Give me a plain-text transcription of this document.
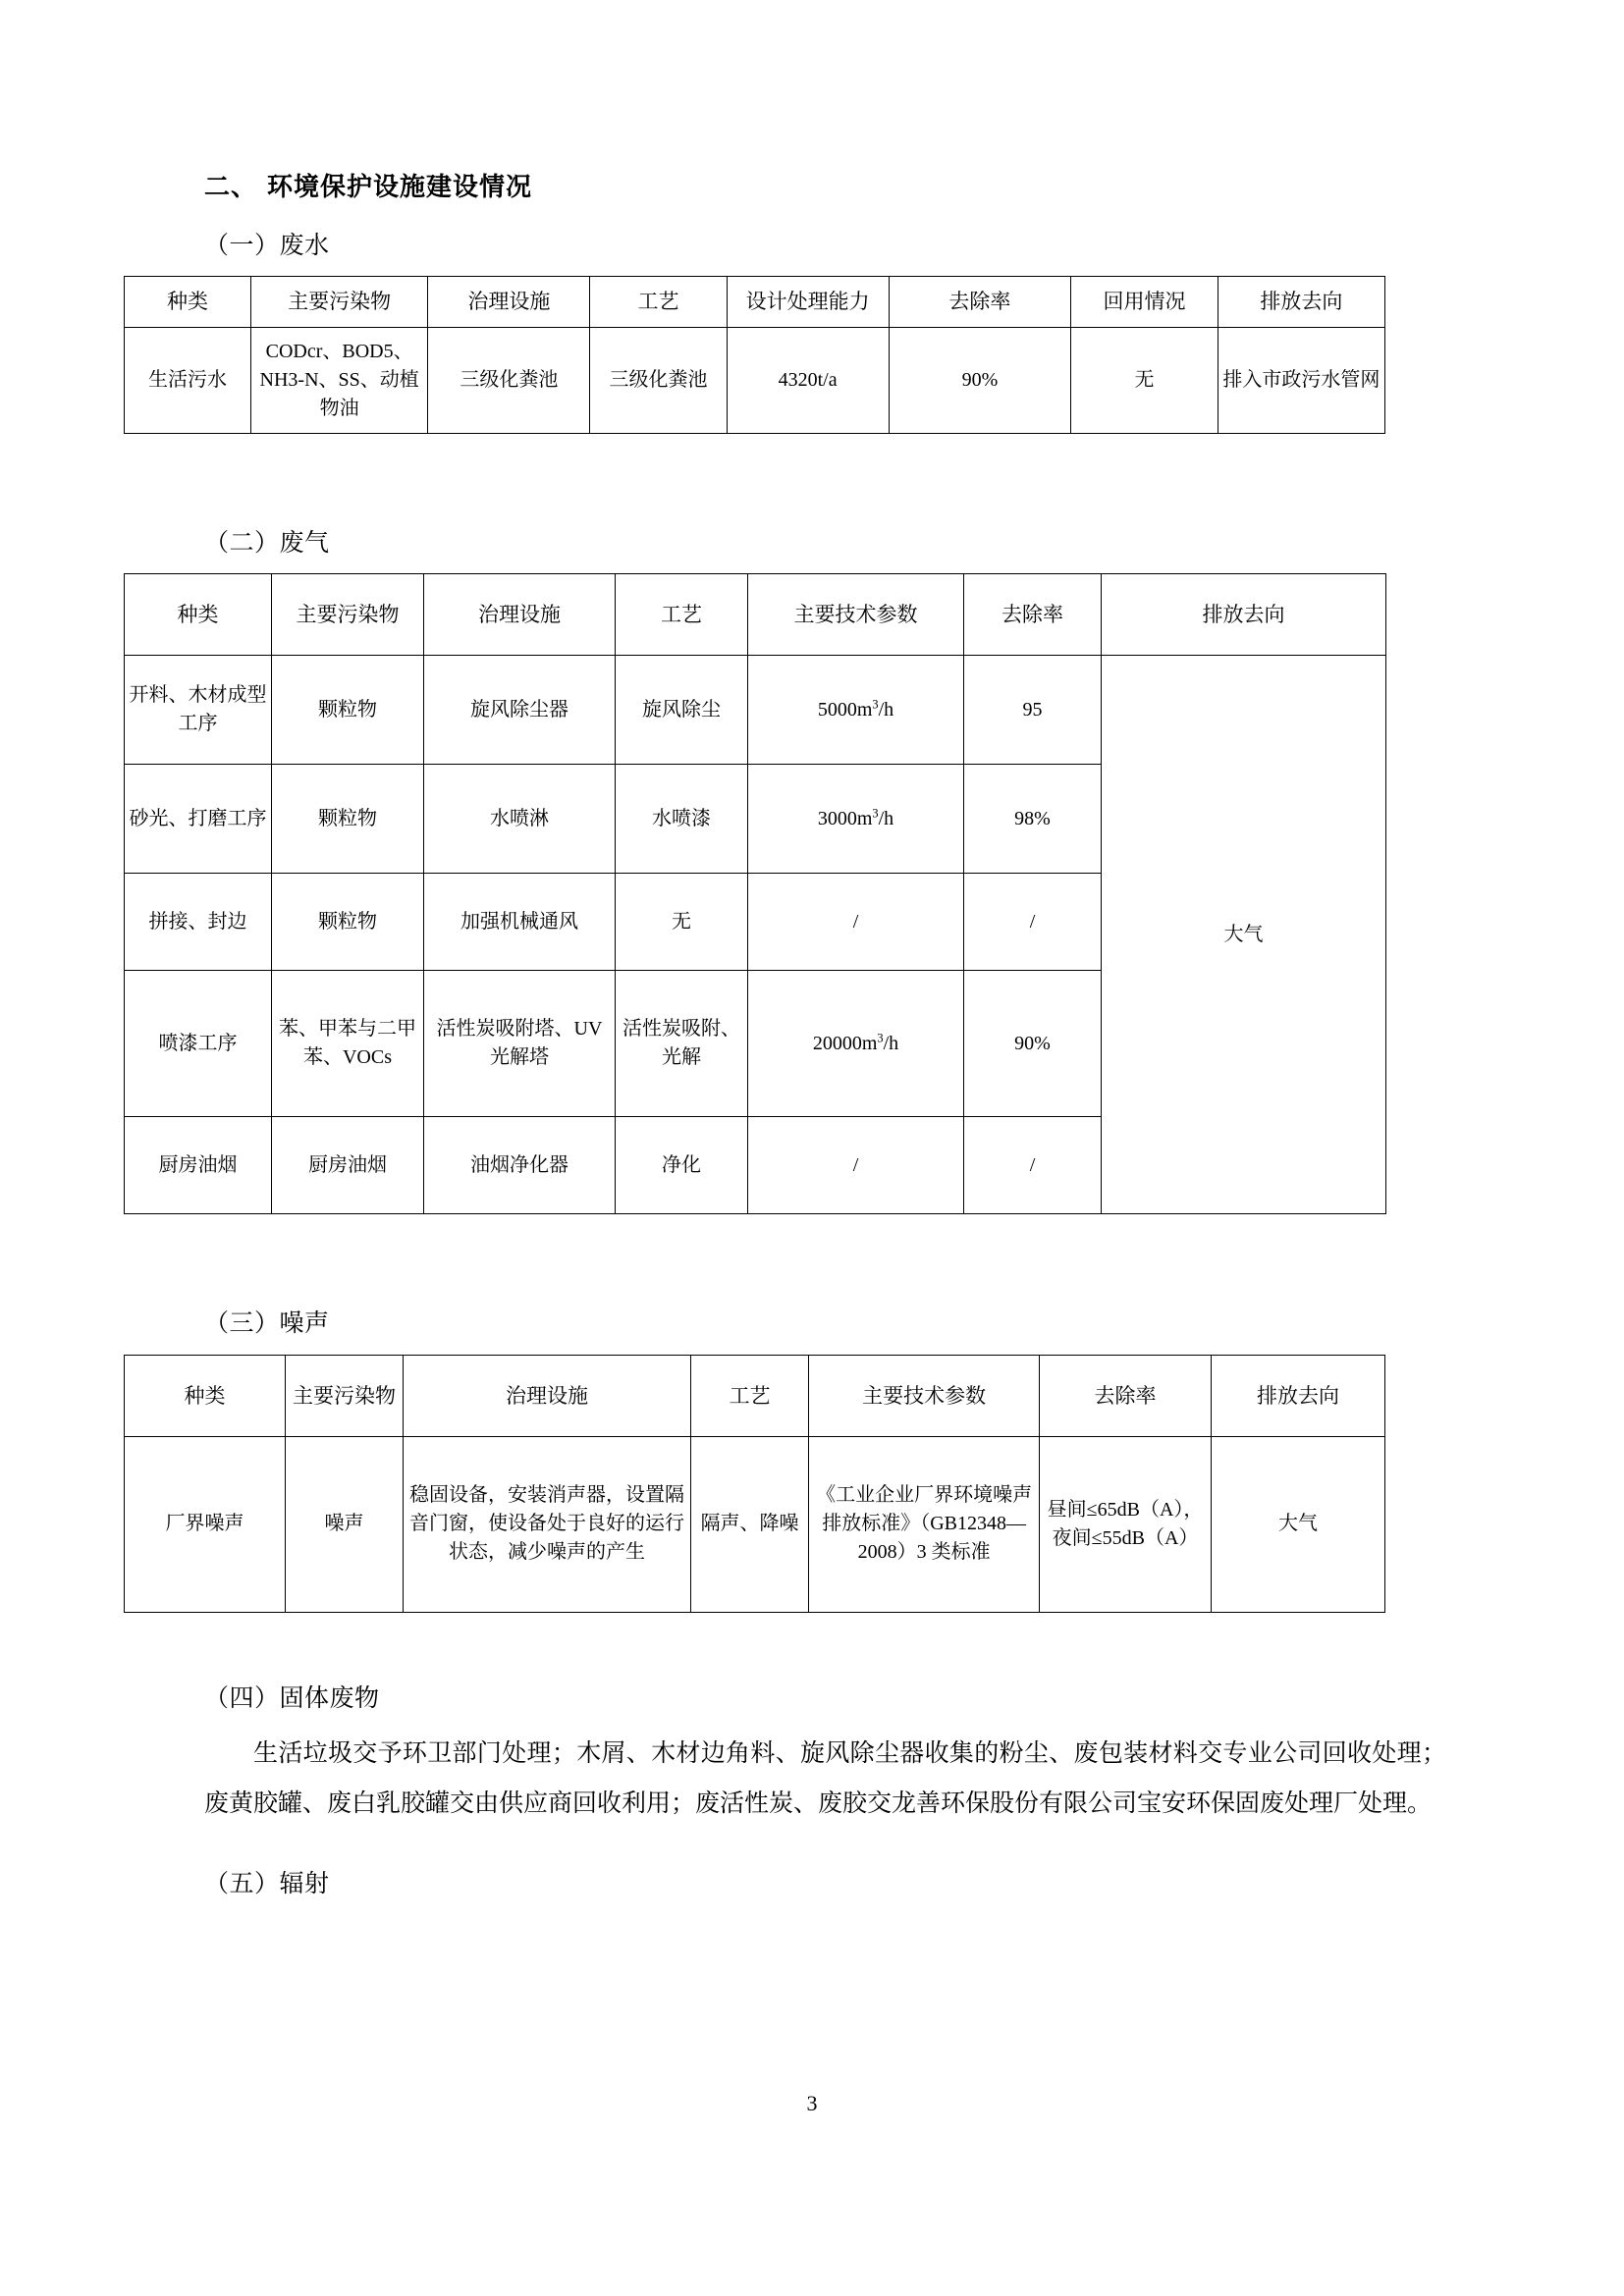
二、 环境保护设施建设情况
（一）废水
种类	主要污染物	治理设施	工艺	设计处理能力	去除率	回用情况	排放去向
生活污水	CODcr、BOD5、NH3-N、SS、动植物油	三级化粪池	三级化粪池	4320t/a	90%	无	排入市政污水管网
（二）废气
种类	主要污染物	治理设施	工艺	主要技术参数	去除率	排放去向
开料、木材成型工序	颗粒物	旋风除尘器	旋风除尘	$5000m^3/h$	95	大气
砂光、打磨工序	颗粒物	水喷淋	水喷漆	$3000m^3/h$	98%	
拼接、封边	颗粒物	加强机械通风	无	/	/	
喷漆工序	苯、甲苯与二甲苯、VOCs	活性炭吸附塔、UV 光解塔	活性炭吸附、光解	$20000m^3/h$	90%	
厨房油烟	厨房油烟	油烟净化器	净化	/	/	
（三）噪声
种类	主要污染物	治理设施	工艺	主要技术参数	去除率	排放去向
厂界噪声	噪声	稳固设备，安装消声器，设置隔音门窗，使设备处于良好的运行状态，减少噪声的产生	隔声、降噪	《工业企业厂界环境噪声排放标准》（GB12348—2008）3 类标准	昼间≤65dB（A），夜间≤55dB（A）	大气
（四）固体废物

生活垃圾交予环卫部门处理；木屑、木材边角料、旋风除尘器收集的粉尘、废包装材料交专业公司回收处理；废黄胶罐、废白乳胶罐交由供应商回收利用；废活性炭、废胶交龙善环保股份有限公司宝安环保固废处理厂处理。

（五）辐射
3
